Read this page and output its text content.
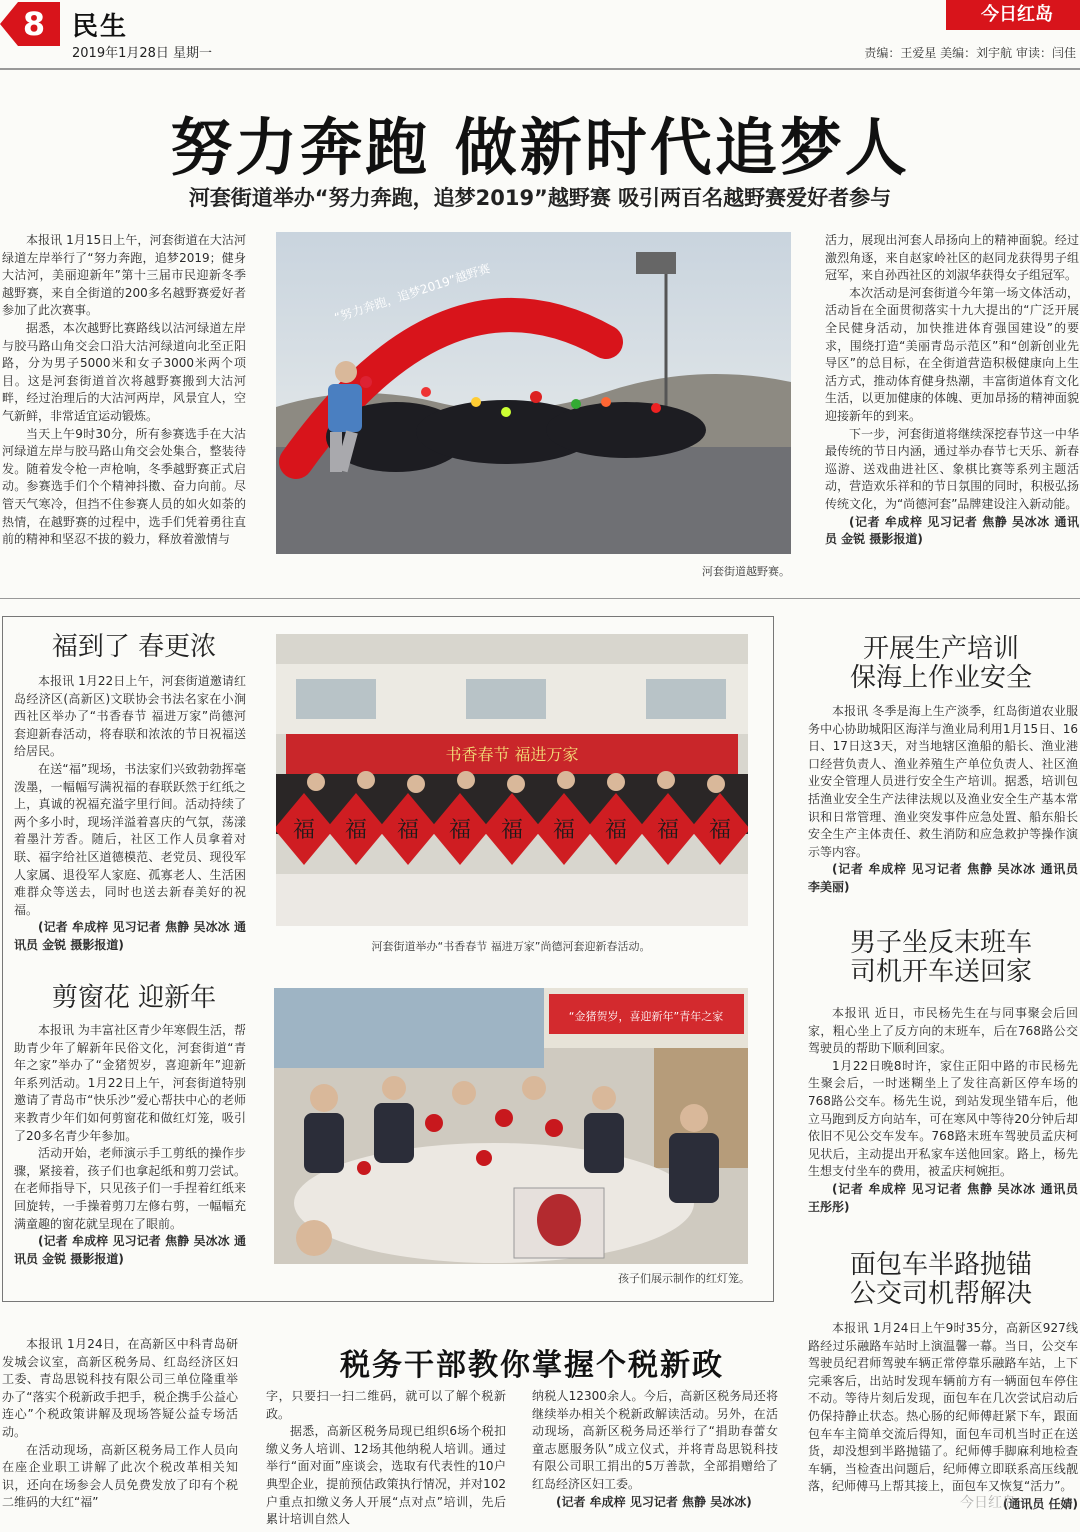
8	民生
2019年1月28日 星期一
今日红岛
责编：王爱星 美编：刘宇航 审读：闫佳
努力奔跑 做新时代追梦人
河套街道举办“努力奔跑，追梦2019”越野赛 吸引两百名越野赛爱好者参与

本报讯 1月15日上午，河套街道在大沽河绿道左岸举行了“努力奔跑，追梦2019；健身大沽河，美丽迎新年”第十三届市民迎新冬季越野赛，来自全街道的200多名越野赛爱好者参加了此次赛事。

据悉，本次越野比赛路线以沽河绿道左岸与胶马路山角交会口沿大沽河绿道向北至正阳路，分为男子5000米和女子3000米两个项目。这是河套街道首次将越野赛搬到大沽河畔，经过治理后的大沽河两岸，风景宜人，空气新鲜，非常适宜运动锻炼。

当天上午9时30分，所有参赛选手在大沽河绿道左岸与胶马路山角交会处集合，整装待发。随着发令枪一声枪响，冬季越野赛正式启动。参赛选手们个个精神抖擞、奋力向前。尽管天气寒冷，但挡不住参赛人员的如火如荼的热情，在越野赛的过程中，选手们凭着勇往直前的精神和坚忍不拔的毅力，释放着激情与

“努力奔跑，追梦2019”越野赛
河套街道越野赛。

活力，展现出河套人昂扬向上的精神面貌。经过激烈角逐，来自赵家岭社区的赵同龙获得男子组冠军，来自孙西社区的刘淑华获得女子组冠军。

本次活动是河套街道今年第一场文体活动，活动旨在全面贯彻落实十九大提出的“广泛开展全民健身活动，加快推进体育强国建设”的要求，围绕打造“美丽青岛示范区”和“创新创业先导区”的总目标，在全街道营造积极健康向上生活方式，推动体育健身热潮，丰富街道体育文化生活，以更加健康的体魄、更加昂扬的精神面貌迎接新年的到来。

下一步，河套街道将继续深挖春节这一中华最传统的节日内涵，通过举办春节七天乐、新春巡游、送戏曲进社区、象棋比赛等系列主题活动，营造欢乐祥和的节日氛围的同时，积极弘扬传统文化，为“尚德河套”品牌建设注入新动能。

(记者 牟成梓 见习记者 焦静 吴冰冰 通讯员 金锐 摄影报道)

福到了 春更浓

本报讯 1月22日上午，河套街道邀请红岛经济区(高新区)文联协会书法名家在小涧西社区举办了“书香春节 福进万家”尚德河套迎新春活动，将春联和浓浓的节日祝福送给居民。

在送“福”现场，书法家们兴致勃勃挥毫泼墨，一幅幅写满祝福的春联跃然于红纸之上，真诚的祝福充溢字里行间。活动持续了两个多小时，现场洋溢着喜庆的气氛，荡漾着墨汁芳香。随后，社区工作人员拿着对联、福字给社区道德模范、老党员、现役军人家属、退役军人家庭、孤寡老人、生活困难群众等送去，同时也送去新春美好的祝福。

(记者 牟成梓 见习记者 焦静 吴冰冰 通讯员 金锐 摄影报道)

书香春节 福进万家
福 福 福 福 福 福 福 福 福
河套街道举办“书香春节 福进万家”尚德河套迎新春活动。
剪窗花 迎新年

本报讯 为丰富社区青少年寒假生活，帮助青少年了解新年民俗文化，河套街道“青年之家”举办了“金猪贺岁，喜迎新年”迎新年系列活动。1月22日上午，河套街道特别邀请了青岛市“快乐沙”爱心帮扶中心的老师来教青少年们如何剪窗花和做红灯笼，吸引了20多名青少年参加。

活动开始，老师演示手工剪纸的操作步骤，紧接着，孩子们也拿起纸和剪刀尝试。在老师指导下，只见孩子们一手捏着红纸来回旋转，一手操着剪刀左修右剪，一幅幅充满童趣的窗花就呈现在了眼前。

(记者 牟成梓 见习记者 焦静 吴冰冰 通讯员 金锐 摄影报道)

“金猪贺岁，喜迎新年”青年之家
孩子们展示制作的红灯笼。
开展生产培训
保海上作业安全

本报讯 冬季是海上生产淡季，红岛街道农业服务中心协助城阳区海洋与渔业局利用1月15日、16日、17日这3天，对当地辖区渔船的船长、渔业港口经营负责人、渔业养殖生产单位负责人、社区渔业安全管理人员进行安全生产培训。据悉，培训包括渔业安全生产法律法规以及渔业安全生产基本常识和日常管理、渔业突发事件应急处置、船东船长安全生产主体责任、救生消防和应急救护等操作演示等内容。

(记者 牟成梓 见习记者 焦静 吴冰冰 通讯员 李美丽)

男子坐反末班车
司机开车送回家

本报讯 近日，市民杨先生在与同事聚会后回家，粗心坐上了反方向的末班车，后在768路公交驾驶员的帮助下顺利回家。

1月22日晚8时许，家住正阳中路的市民杨先生聚会后，一时迷糊坐上了发往高新区停车场的768路公交车。杨先生说，到站发现坐错车后，他立马跑到反方向站车，可在寒风中等待20分钟后却依旧不见公交车发车。768路末班车驾驶员孟庆柯见状后，主动提出开私家车送他回家。路上，杨先生想支付坐车的费用，被孟庆柯婉拒。

(记者 牟成梓 见习记者 焦静 吴冰冰 通讯员 王彤彤)

面包车半路抛锚
公交司机帮解决

本报讯 1月24日上午9时35分，高新区927线路经过乐融路车站时上演温馨一幕。当日，公交车驾驶员纪君师驾驶车辆正常停靠乐融路车站，上下完乘客后，出站时发现车辆前方有一辆面包车停住不动。等待片刻后发现，面包车在几次尝试启动后仍保持静止状态。热心肠的纪师傅赶紧下车，跟面包车车主简单交流后得知，面包车司机当时正在送货，却没想到半路抛锚了。纪师傅手脚麻利地检查车辆，当检查出问题后，纪师傅立即联系高压线靓落，纪师傅马上帮其接上，面包车又恢复“活力”。

(通讯员 任婧)

税务干部教你掌握个税新政

本报讯 1月24日，在高新区中科青岛研发城会议室，高新区税务局、红岛经济区妇工委、青岛思锐科技有限公司三单位隆重举办了“落实个税新政手把手，税企携手公益心连心”个税政策讲解及现场答疑公益专场活动。

在活动现场，高新区税务局工作人员向在座企业职工讲解了此次个税改革相关知识，还向在场参会人员免费发放了印有个税二维码的大红“福”

字，只要扫一扫二维码，就可以了解个税新政。

据悉，高新区税务局现已组织6场个税扣缴义务人培训、12场其他纳税人培训。通过举行“面对面”座谈会，选取有代表性的10户典型企业，提前预估政策执行情况，并对102户重点扣缴义务人开展“点对点”培训，先后累计培训自然人

纳税人12300余人。今后，高新区税务局还将继续举办相关个税新政解读活动。另外，在活动现场，高新区税务局还举行了“捐助春蕾女童志愿服务队”成立仪式，并将青岛思锐科技有限公司职工捐出的5万善款，全部捐赠给了红岛经济区妇工委。

(记者 牟成梓 见习记者 焦静 吴冰冰)	今日红岛
